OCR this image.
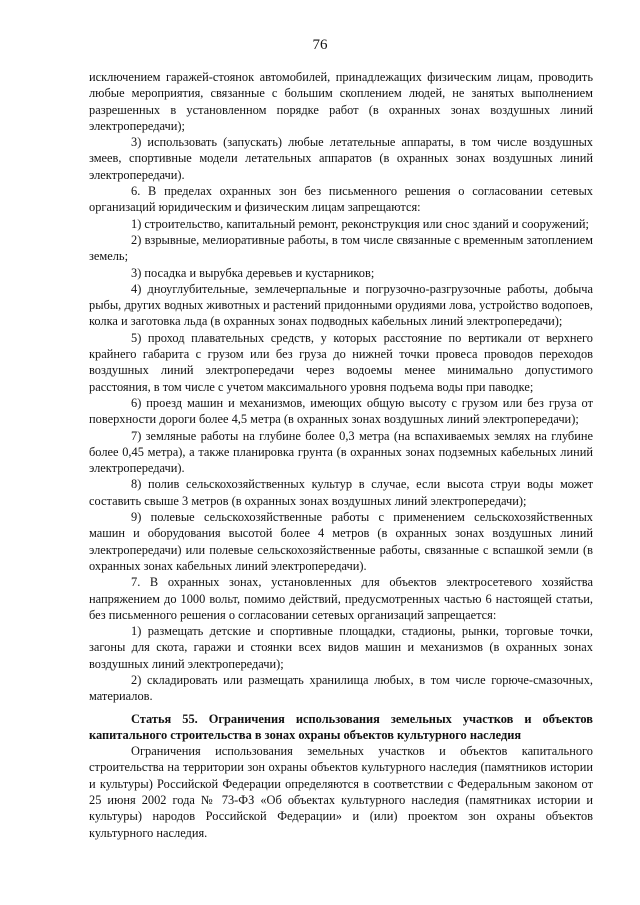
76

исключением гаражей-стоянок автомобилей, принадлежащих физическим лицам, проводить любые мероприятия, связанные с большим скоплением людей, не занятых выполнением разрешенных в установленном порядке работ (в охранных зонах воздушных линий электропередачи);

3) использовать (запускать) любые летательные аппараты, в том числе воздушных змеев, спортивные модели летательных аппаратов (в охранных зонах воздушных линий электропередачи).

6. В пределах охранных зон без письменного решения о согласовании сетевых организаций юридическим и физическим лицам запрещаются:

1) строительство, капитальный ремонт, реконструкция или снос зданий и сооружений;

2) взрывные, мелиоративные работы, в том числе связанные с временным затоплением земель;

3) посадка и вырубка деревьев и кустарников;

4) дноуглубительные, землечерпальные и погрузочно-разгрузочные работы, добыча рыбы, других водных животных и растений придонными орудиями лова, устройство водопоев, колка и заготовка льда (в охранных зонах подводных кабельных линий электропередачи);

5) проход плавательных средств, у которых расстояние по вертикали от верхнего крайнего габарита с грузом или без груза до нижней точки провеса проводов переходов воздушных линий электропередачи через водоемы менее минимально допустимого расстояния, в том числе с учетом максимального уровня подъема воды при паводке;

6) проезд машин и механизмов, имеющих общую высоту с грузом или без груза от поверхности дороги более 4,5 метра (в охранных зонах воздушных линий электропередачи);

7) земляные работы на глубине более 0,3 метра (на вспахиваемых землях на глубине более 0,45 метра), а также планировка грунта (в охранных зонах подземных кабельных линий электропередачи).

8) полив сельскохозяйственных культур в случае, если высота струи воды может составить свыше 3 метров (в охранных зонах воздушных линий электропередачи);

9) полевые сельскохозяйственные работы с применением сельскохозяйственных машин и оборудования высотой более 4 метров (в охранных зонах воздушных линий электропередачи) или полевые сельскохозяйственные работы, связанные с вспашкой земли (в охранных зонах кабельных линий электропередачи).

7. В охранных зонах, установленных для объектов электросетевого хозяйства напряжением до 1000 вольт, помимо действий, предусмотренных частью 6 настоящей статьи, без письменного решения о согласовании сетевых организаций запрещается:

1) размещать детские и спортивные площадки, стадионы, рынки, торговые точки, загоны для скота, гаражи и стоянки всех видов машин и механизмов (в охранных зонах воздушных линий электропередачи);

2) складировать или размещать хранилища любых, в том числе горюче-смазочных, материалов.

Статья 55. Ограничения использования земельных участков и объектов капитального строительства в зонах охраны объектов культурного наследия

Ограничения использования земельных участков и объектов капитального строительства на территории зон охраны объектов культурного наследия (памятников истории и культуры) Российской Федерации определяются в соответствии с Федеральным законом от 25 июня 2002 года № 73-ФЗ «Об объектах культурного наследия (памятниках истории и культуры) народов Российской Федерации» и (или) проектом зон охраны объектов культурного наследия.
